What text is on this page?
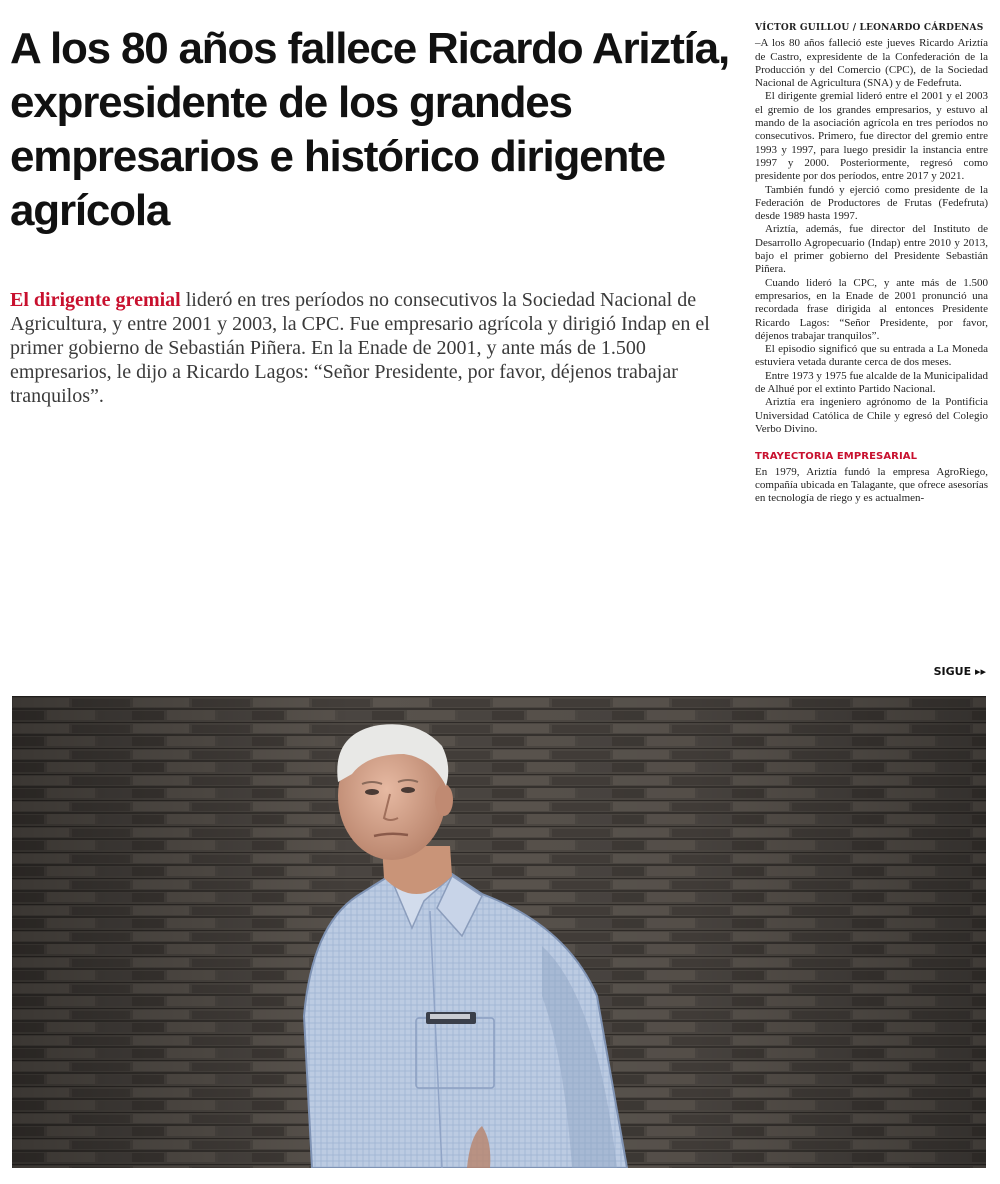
A los 80 años fallece Ricardo Ariztía, expresidente de los grandes empresarios e histórico dirigente agrícola

El dirigente gremial lideró en tres períodos no consecutivos la Sociedad Nacional de Agricultura, y entre 2001 y 2003, la CPC. Fue empresario agrícola y dirigió Indap en el primer gobierno de Sebastián Piñera. En la Enade de 2001, y ante más de 1.500 empresarios, le dijo a Ricardo Lagos: “Señor Presidente, por favor, déjenos trabajar tranquilos”.

VÍCTOR GUILLOU / LEONARDO CÁRDENAS

–A los 80 años falleció este jueves Ricardo Ariztía de Castro, expresidente de la Confederación de la Producción y del Comercio (CPC), de la Sociedad Nacional de Agricultura (SNA) y de Fedefruta.

El dirigente gremial lideró entre el 2001 y el 2003 el gremio de los grandes empresarios, y estuvo al mando de la asociación agrícola en tres períodos no consecutivos. Primero, fue director del gremio entre 1993 y 1997, para luego presidir la instancia entre 1997 y 2000. Posteriormente, regresó como presidente por dos períodos, entre 2017 y 2021.

También fundó y ejerció como presidente de la Federación de Productores de Frutas (Fedefruta) desde 1989 hasta 1997.

Ariztía, además, fue director del Instituto de Desarrollo Agropecuario (Indap) entre 2010 y 2013, bajo el primer gobierno del Presidente Sebastián Piñera.

Cuando lideró la CPC, y ante más de 1.500 empresarios, en la Enade de 2001 pronunció una recordada frase dirigida al entonces Presidente Ricardo Lagos: “Señor Presidente, por favor, déjenos trabajar tranquilos”.

El episodio significó que su entrada a La Moneda estuviera vetada durante cerca de dos meses.

Entre 1973 y 1975 fue alcalde de la Municipalidad de Alhué por el extinto Partido Nacional.

Ariztía era ingeniero agrónomo de la Pontificia Universidad Católica de Chile y egresó del Colegio Verbo Divino.

TRAYECTORIA EMPRESARIAL

En 1979, Ariztía fundó la empresa AgroRiego, compañía ubicada en Talagante, que ofrece asesorías en tecnología de riego y es actualmen-

SIGUE ▸▸
